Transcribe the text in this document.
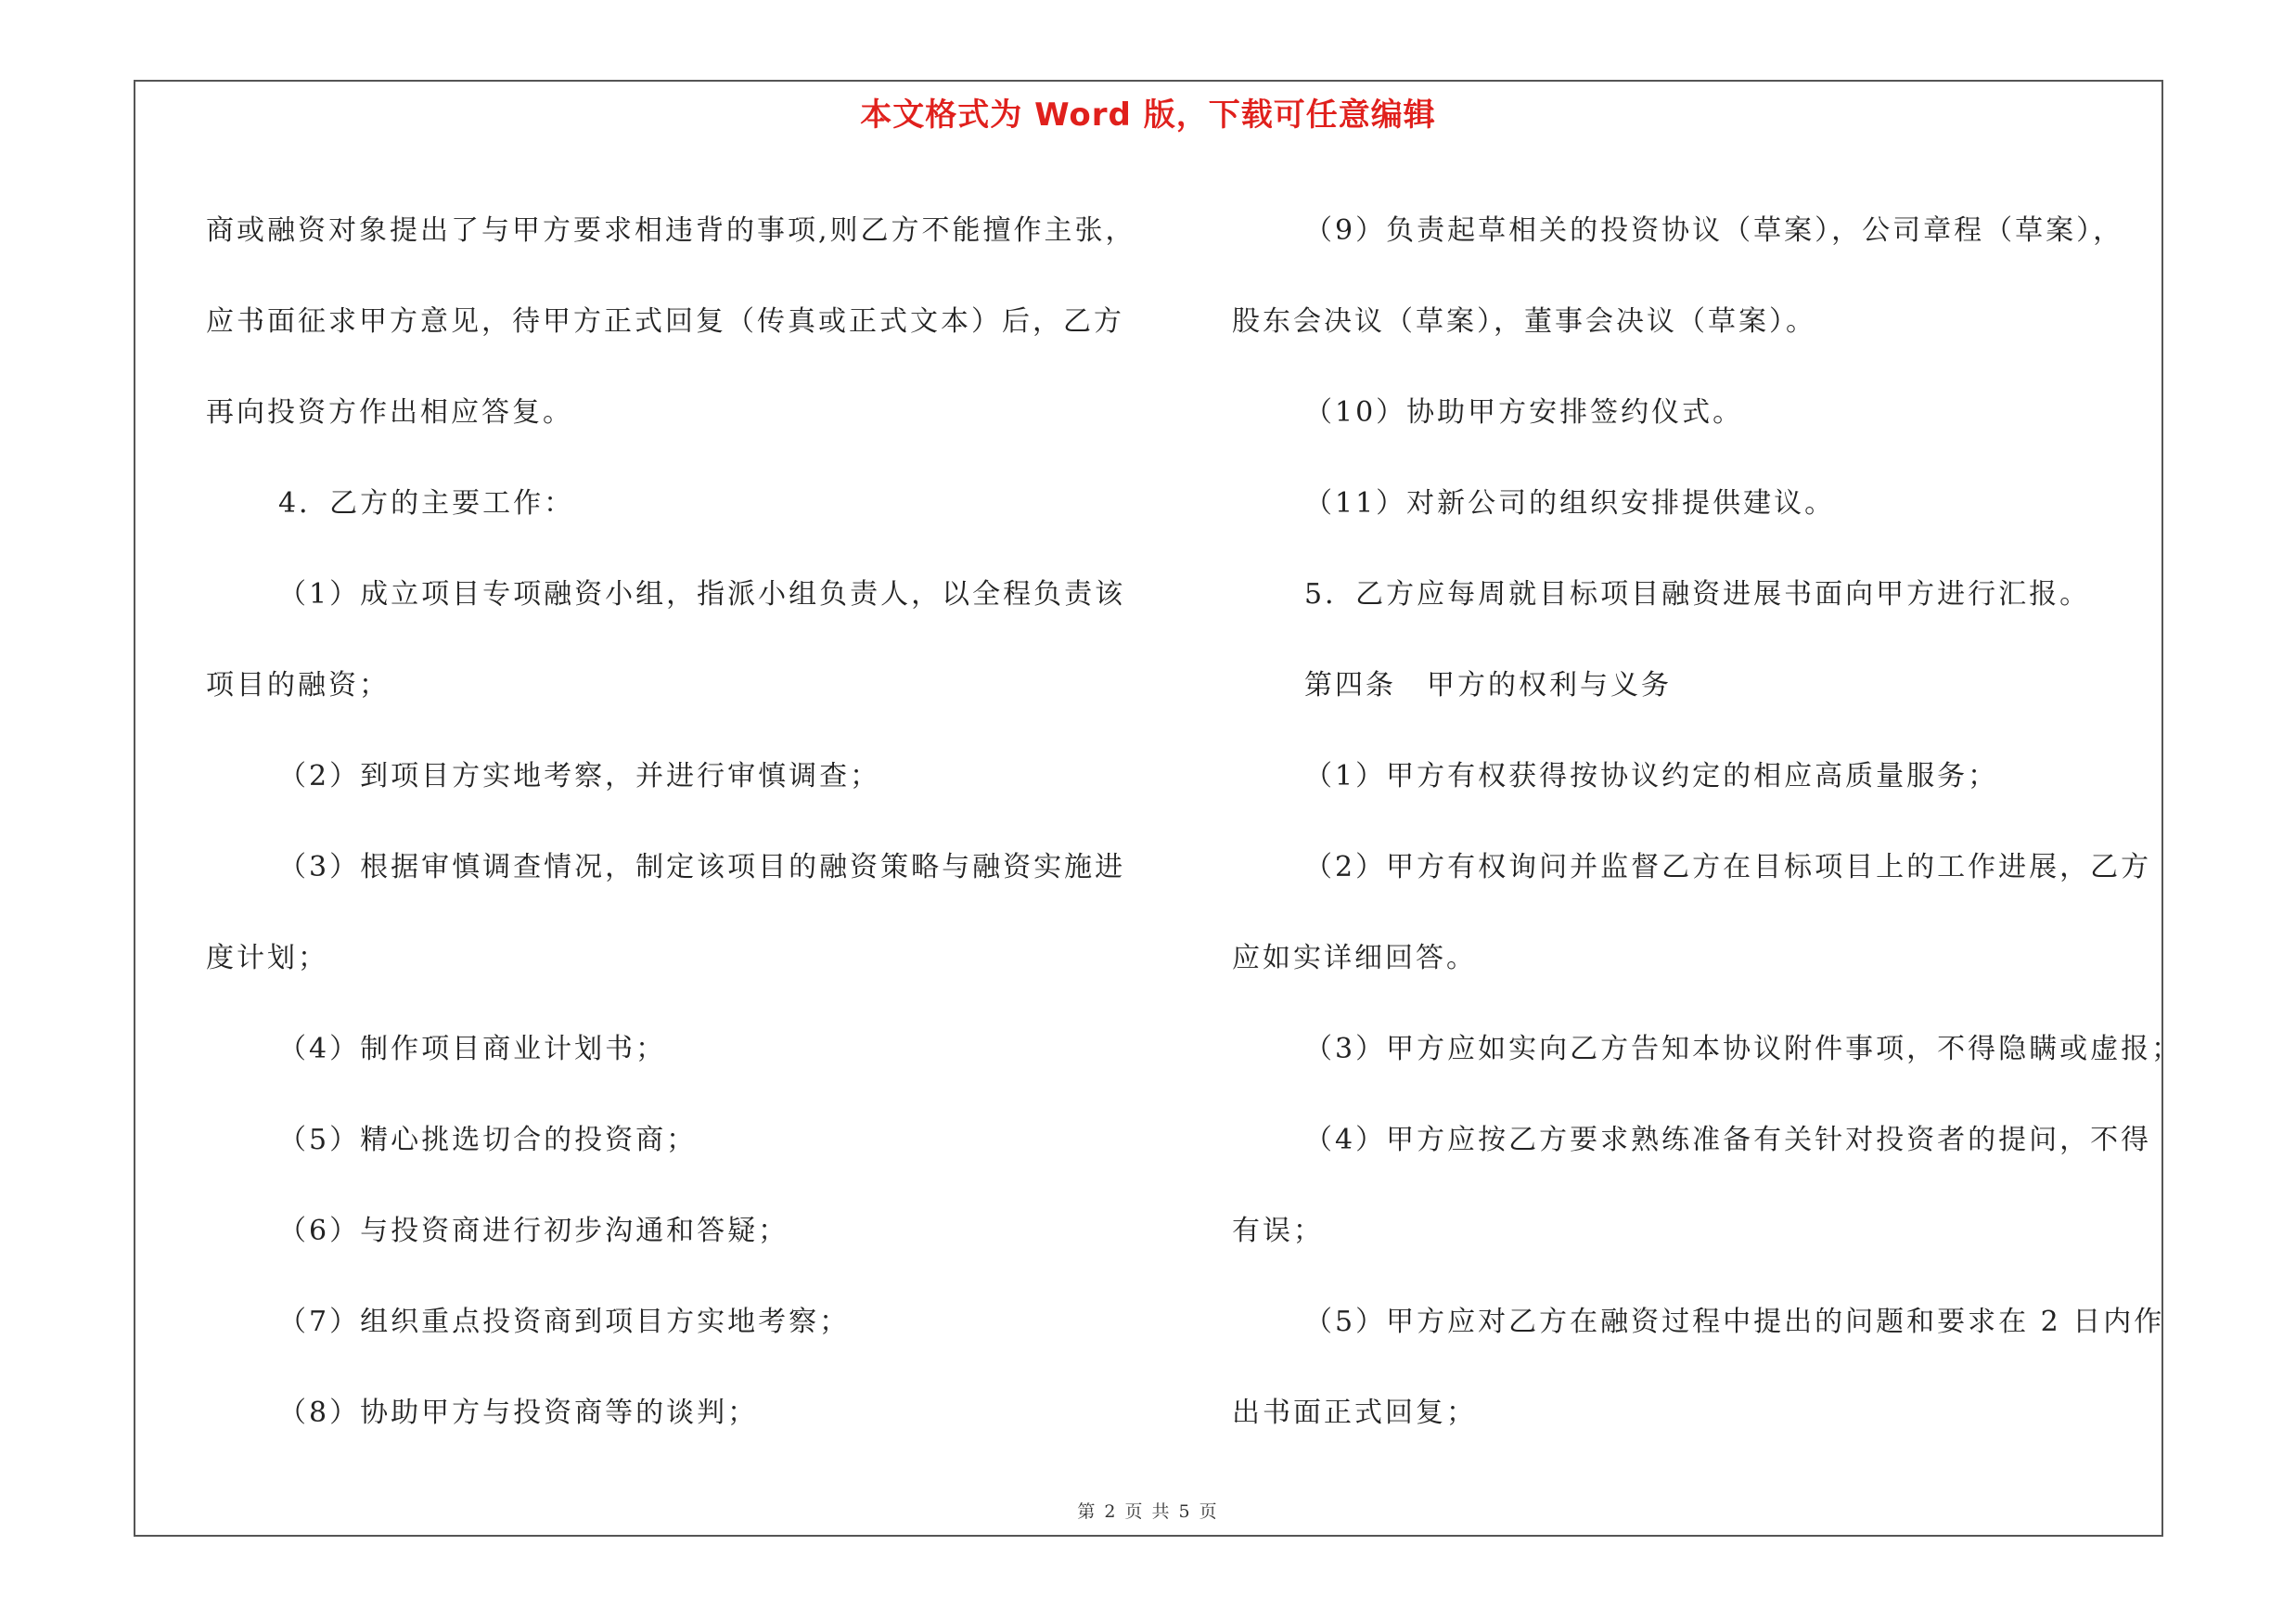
本文格式为 Word 版，下载可任意编辑

商或融资对象提出了与甲方要求相违背的事项,则乙方不能擅作主张，

应书面征求甲方意见，待甲方正式回复（传真或正式文本）后，乙方

再向投资方作出相应答复。

4．乙方的主要工作：

（1）成立项目专项融资小组，指派小组负责人，以全程负责该

项目的融资；

（2）到项目方实地考察，并进行审慎调查；

（3）根据审慎调查情况，制定该项目的融资策略与融资实施进

度计划；

（4）制作项目商业计划书；

（5）精心挑选切合的投资商；

（6）与投资商进行初步沟通和答疑；

（7）组织重点投资商到项目方实地考察；

（8）协助甲方与投资商等的谈判；

（9）负责起草相关的投资协议（草案），公司章程（草案），

股东会决议（草案），董事会决议（草案）。

（10）协助甲方安排签约仪式。

（11）对新公司的组织安排提供建议。

5．乙方应每周就目标项目融资进展书面向甲方进行汇报。

第四条　甲方的权利与义务

（1）甲方有权获得按协议约定的相应高质量服务；

（2）甲方有权询问并监督乙方在目标项目上的工作进展，乙方

应如实详细回答。

（3）甲方应如实向乙方告知本协议附件事项，不得隐瞒或虚报；

（4）甲方应按乙方要求熟练准备有关针对投资者的提问，不得

有误；

（5）甲方应对乙方在融资过程中提出的问题和要求在 2 日内作

出书面正式回复；

第 2 页 共 5 页
